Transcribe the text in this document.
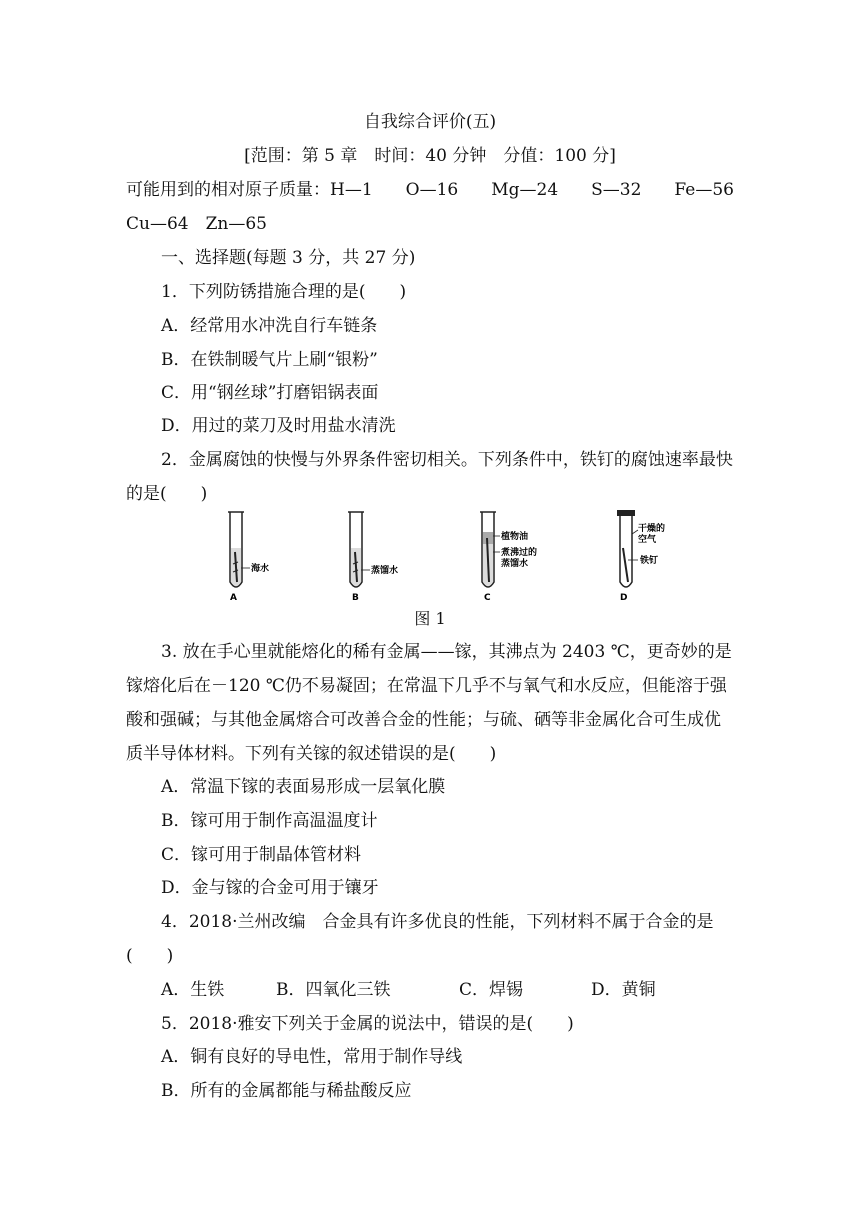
自我综合评价(五)
[范围：第 5 章　时间：40 分钟　分值：100 分]
可能用到的相对原子质量：H—1 O—16 Mg—24 S—32 Fe—56
Cu—64　Zn—65
一、选择题(每题 3 分，共 27 分)
1．下列防锈措施合理的是(　　)
A．经常用水冲洗自行车链条
B．在铁制暖气片上刷“银粉”
C．用“钢丝球”打磨铝锅表面
D．用过的菜刀及时用盐水清洗
2．金属腐蚀的快慢与外界条件密切相关。下列条件中，铁钉的腐蚀速率最快
的是(　　)
海水
A
蒸馏水
B
植物油
煮沸过的
蒸馏水
C
干燥的
空气
铁钉
D
图 1
3. 放在手心里就能熔化的稀有金属——镓，其沸点为 2403 ℃，更奇妙的是
镓熔化后在－120 ℃仍不易凝固；在常温下几乎不与氧气和水反应，但能溶于强
酸和强碱；与其他金属熔合可改善合金的性能；与硫、硒等非金属化合可生成优
质半导体材料。下列有关镓的叙述错误的是(　　)
A．常温下镓的表面易形成一层氧化膜
B．镓可用于制作高温温度计
C．镓可用于制晶体管材料
D．金与镓的合金可用于镶牙
4．2018·兰州改编　合金具有许多优良的性能，下列材料不属于合金的是
(　　)
A．生铁	B．四氧化三铁	C．焊锡	D．黄铜
5．2018·雅安下列关于金属的说法中，错误的是(　　)
A．铜有良好的导电性，常用于制作导线
B．所有的金属都能与稀盐酸反应
